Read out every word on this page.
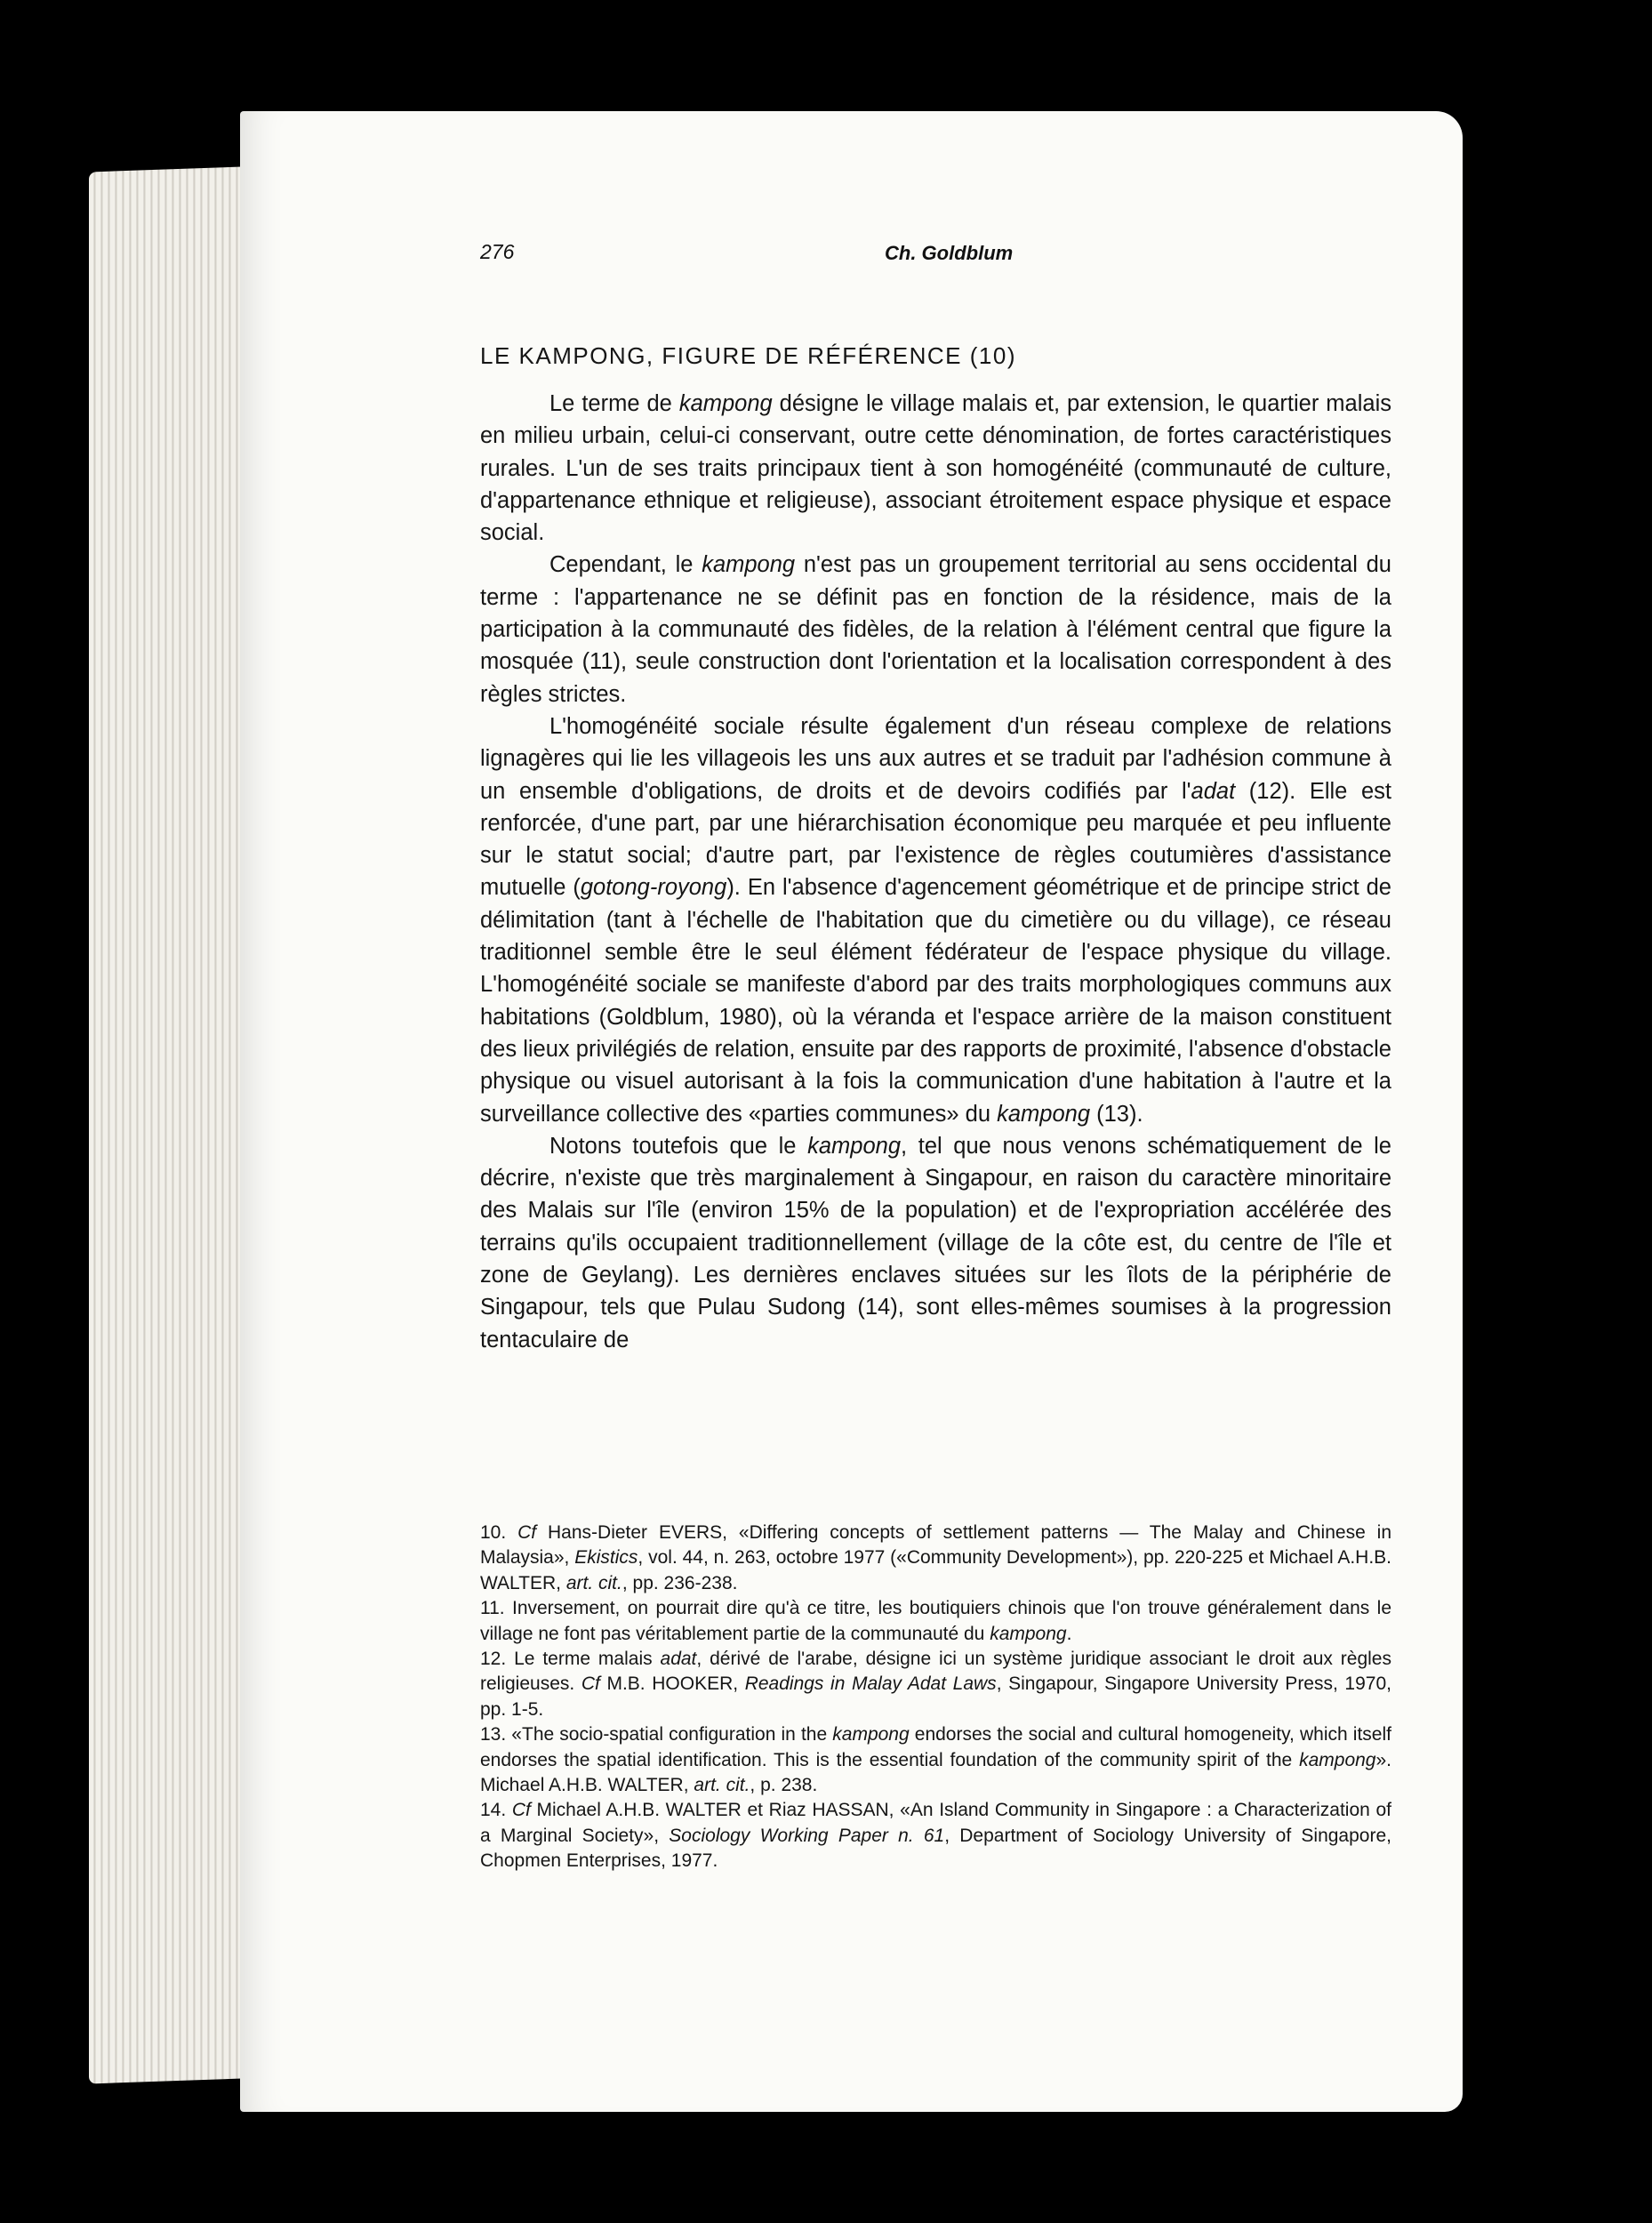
276	Ch. Goldblum
LE KAMPONG, FIGURE DE RÉFÉRENCE (10)

Le terme de kampong désigne le village malais et, par extension, le quartier malais en milieu urbain, celui-ci conservant, outre cette dénomination, de fortes caractéristiques rurales. L'un de ses traits principaux tient à son homogénéité (communauté de culture, d'appartenance ethnique et religieuse), associant étroitement espace physique et espace social.

Cependant, le kampong n'est pas un groupement territorial au sens occidental du terme : l'appartenance ne se définit pas en fonction de la résidence, mais de la participation à la communauté des fidèles, de la relation à l'élément central que figure la mosquée (11), seule construction dont l'orientation et la localisation correspondent à des règles strictes.

L'homogénéité sociale résulte également d'un réseau complexe de relations lignagères qui lie les villageois les uns aux autres et se traduit par l'adhésion commune à un ensemble d'obligations, de droits et de devoirs codifiés par l'adat (12). Elle est renforcée, d'une part, par une hiérarchisation économique peu marquée et peu influente sur le statut social; d'autre part, par l'existence de règles coutumières d'assistance mutuelle (gotong-royong). En l'absence d'agencement géométrique et de principe strict de délimitation (tant à l'échelle de l'habitation que du cimetière ou du village), ce réseau traditionnel semble être le seul élément fédérateur de l'espace physique du village. L'homogénéité sociale se manifeste d'abord par des traits morphologiques communs aux habitations (Goldblum, 1980), où la véranda et l'espace arrière de la maison constituent des lieux privilégiés de relation, ensuite par des rapports de proximité, l'absence d'obstacle physique ou visuel autorisant à la fois la communication d'une habitation à l'autre et la surveillance collective des «parties communes» du kampong (13).

Notons toutefois que le kampong, tel que nous venons schématiquement de le décrire, n'existe que très marginalement à Singapour, en raison du caractère minoritaire des Malais sur l'île (environ 15% de la population) et de l'expropriation accélérée des terrains qu'ils occupaient traditionnellement (village de la côte est, du centre de l'île et zone de Geylang). Les dernières enclaves situées sur les îlots de la périphérie de Singapour, tels que Pulau Sudong (14), sont elles-mêmes soumises à la progression tentaculaire de

10. Cf Hans-Dieter EVERS, «Differing concepts of settlement patterns — The Malay and Chinese in Malaysia», Ekistics, vol. 44, n. 263, octobre 1977 («Community Development»), pp. 220-225 et Michael A.H.B. WALTER, art. cit., pp. 236-238.

11. Inversement, on pourrait dire qu'à ce titre, les boutiquiers chinois que l'on trouve généralement dans le village ne font pas véritablement partie de la communauté du kampong.

12. Le terme malais adat, dérivé de l'arabe, désigne ici un système juridique associant le droit aux règles religieuses. Cf M.B. HOOKER, Readings in Malay Adat Laws, Singapour, Singapore University Press, 1970, pp. 1-5.

13. «The socio-spatial configuration in the kampong endorses the social and cultural homogeneity, which itself endorses the spatial identification. This is the essential foundation of the community spirit of the kampong». Michael A.H.B. WALTER, art. cit., p. 238.

14. Cf Michael A.H.B. WALTER et Riaz HASSAN, «An Island Community in Singapore : a Characterization of a Marginal Society», Sociology Working Paper n. 61, Department of Sociology University of Singapore, Chopmen Enterprises, 1977.
